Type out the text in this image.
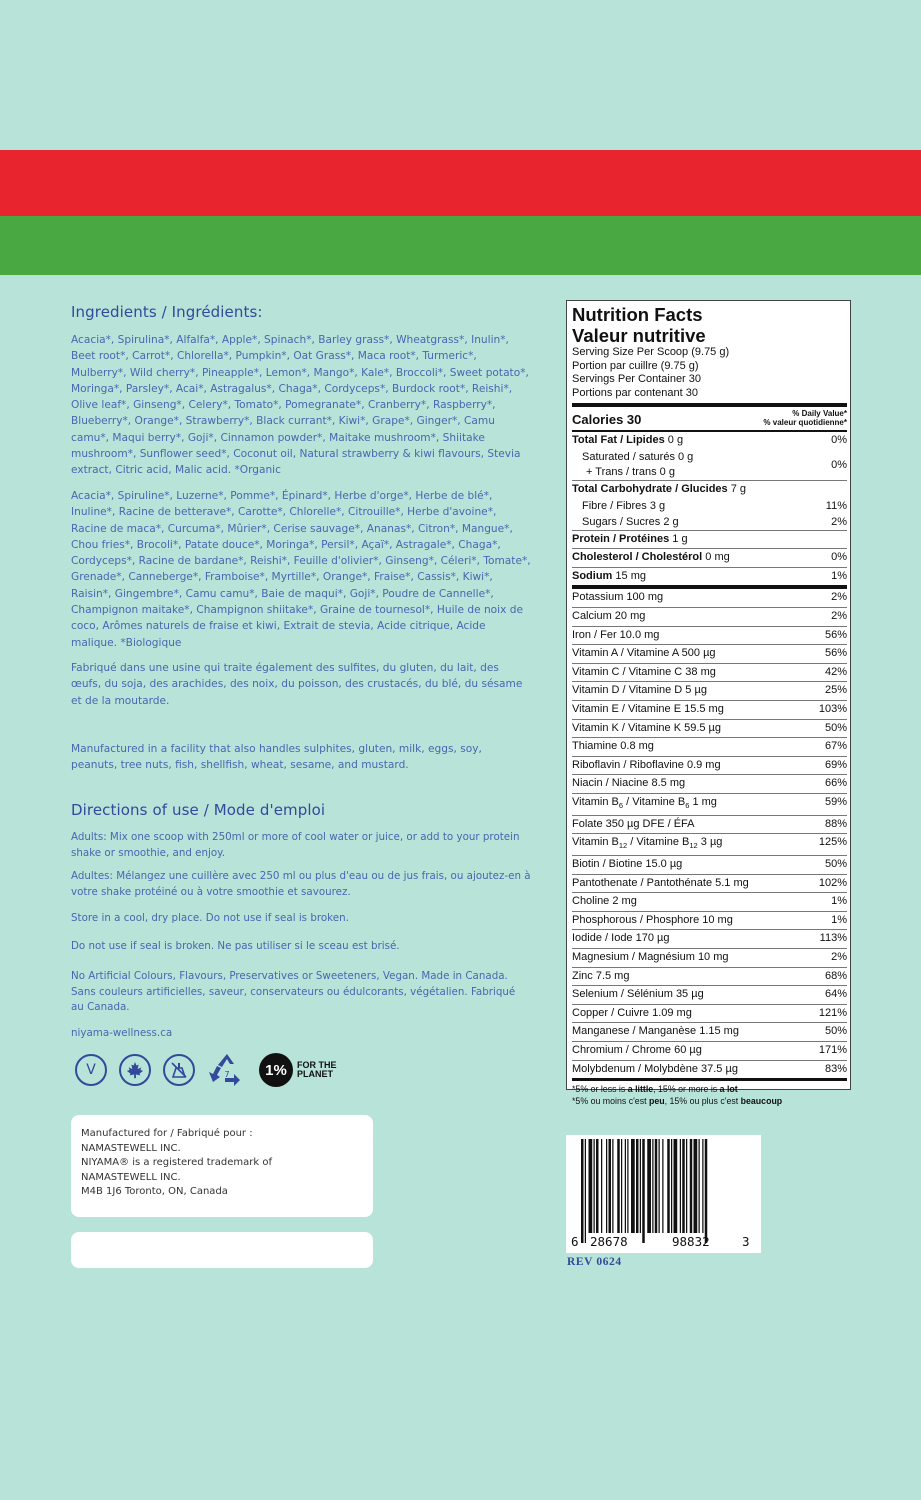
Ingredients / Ingrédients:

Acacia*, Spirulina*, Alfalfa*, Apple*, Spinach*, Barley grass*, Wheatgrass*, Inulin*, Beet root*, Carrot*, Chlorella*, Pumpkin*, Oat Grass*, Maca root*, Turmeric*, Mulberry*, Wild cherry*, Pineapple*, Lemon*, Mango*, Kale*, Broccoli*, Sweet potato*, Moringa*, Parsley*, Acai*, Astragalus*, Chaga*, Cordyceps*, Burdock root*, Reishi*, Olive leaf*, Ginseng*, Celery*, Tomato*, Pomegranate*, Cranberry*, Raspberry*, Blueberry*, Orange*, Strawberry*, Black currant*, Kiwi*, Grape*, Ginger*, Camu camu*, Maqui berry*, Goji*, Cinnamon powder*, Maitake mushroom*, Shiitake mushroom*, Sunflower seed*, Coconut oil, Natural strawberry & kiwi flavours, Stevia extract, Citric acid, Malic acid. *Organic

Acacia*, Spiruline*, Luzerne*, Pomme*, Épinard*, Herbe d'orge*, Herbe de blé*, Inuline*, Racine de betterave*, Carotte*, Chlorelle*, Citrouille*, Herbe d'avoine*, Racine de maca*, Curcuma*, Mûrier*, Cerise sauvage*, Ananas*, Citron*, Mangue*, Chou fries*, Brocoli*, Patate douce*, Moringa*, Persil*, Açaï*, Astragale*, Chaga*, Cordyceps*, Racine de bardane*, Reishi*, Feuille d'olivier*, Ginseng*, Céleri*, Tomate*, Grenade*, Canneberge*, Framboise*, Myrtille*, Orange*, Fraise*, Cassis*, Kiwi*, Raisin*, Gingembre*, Camu camu*, Baie de maqui*, Goji*, Poudre de Cannelle*, Champignon maitake*, Champignon shiitake*, Graine de tournesol*, Huile de noix de coco, Arômes naturels de fraise et kiwi, Extrait de stevia, Acide citrique, Acide malique. *Biologique

Fabriqué dans une usine qui traite également des sulfites, du gluten, du lait, des œufs, du soja, des arachides, des noix, du poisson, des crustacés, du blé, du sésame et de la moutarde.

Manufactured in a facility that also handles sulphites, gluten, milk, eggs, soy, peanuts, tree nuts, fish, shellfish, wheat, sesame, and mustard.

Directions of use / Mode d'emploi

Adults: Mix one scoop with 250ml or more of cool water or juice, or add to your protein shake or smoothie, and enjoy.

Adultes: Mélangez une cuillère avec 250 ml ou plus d'eau ou de jus frais, ou ajoutez-en à votre shake protéiné ou à votre smoothie et savourez.

Store in a cool, dry place. Do not use if seal is broken.

Do not use if seal is broken. Ne pas utiliser si le sceau est brisé.

No Artificial Colours, Flavours, Preservatives or Sweeteners, Vegan. Made in Canada. Sans couleurs artificielles, saveur, conservateurs ou édulcorants, végétalien. Fabriqué au Canada.

niyama-wellness.ca

V	7	1%	FOR THE
PLANET
Manufactured for / Fabriqué pour :
NAMASTEWELL INC.
NIYAMA® is a registered trademark of
NAMASTEWELL INC.
M4B 1J6 Toronto, ON, Canada
Nutrition Facts
Valeur nutritive
Serving Size Per Scoop (9.75 g)
Portion par cuillre (9.75 g)
Servings Per Container 30
Portions par contenant 30
Calories 30	% Daily Value*
% valeur quotidienne*
Total Fat / Lipides 0 g	0%
Saturated / saturés 0 g
+ Trans / trans 0 g
0%
Total Carbohydrate / Glucides 7 g
Fibre / Fibres 3 g	11%
Sugars / Sucres 2 g	2%
Protein / Protéines 1 g
Cholesterol / Cholestérol 0 mg	0%
Sodium 15 mg	1%
Potassium 100 mg	2%
Calcium 20 mg	2%
Iron / Fer 10.0 mg	56%
Vitamin A / Vitamine A 500 µg	56%
Vitamin C / Vitamine C 38 mg	42%
Vitamin D / Vitamine D 5 µg	25%
Vitamin E / Vitamine E 15.5 mg	103%
Vitamin K / Vitamine K 59.5 µg	50%
Thiamine 0.8 mg	67%
Riboflavin / Riboflavine 0.9 mg	69%
Niacin / Niacine 8.5 mg	66%
Vitamin $B_6$ / Vitamine $B_6$ 1 mg	59%
Folate 350 µg DFE / ÉFA	88%
Vitamin $B_{12}$ / Vitamine $B_{12}$ 3 µg	125%
Biotin / Biotine 15.0 µg	50%
Pantothenate / Pantothénate 5.1 mg	102%
Choline 2 mg	1%
Phosphorous / Phosphore 10 mg	1%
Iodide / Iode 170 µg	113%
Magnesium / Magnésium 10 mg	2%
Zinc 7.5 mg	68%
Selenium / Sélénium 35 µg	64%
Copper / Cuivre 1.09 mg	121%
Manganese / Manganèse 1.15 mg	50%
Chromium / Chrome 60 µg	171%
Molybdenum / Molybdène 37.5 µg	83%
*5% or less is a little, 15% or more is a lot
*5% ou moins c'est peu, 15% ou plus c'est beaucoup
6 28678	98832	3
REV 0624
